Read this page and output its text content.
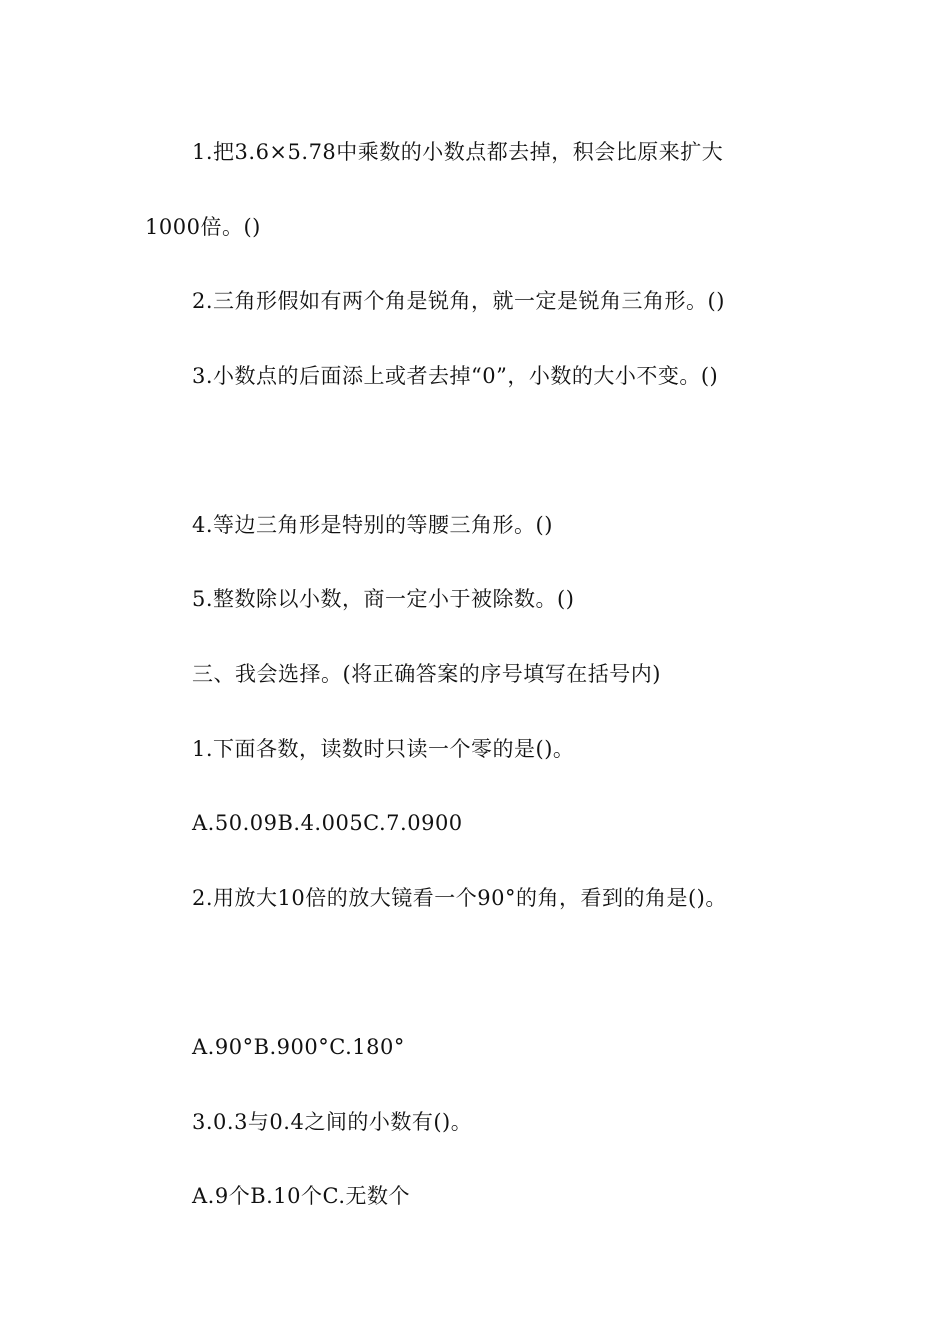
1.把3.6×5.78中乘数的小数点都去掉，积会比原来扩大
1000倍。()
2.三角形假如有两个角是锐角，就一定是锐角三角形。()
3.小数点的后面添上或者去掉“0”，小数的大小不变。()
4.等边三角形是特别的等腰三角形。()
5.整数除以小数，商一定小于被除数。()
三、我会选择。(将正确答案的序号填写在括号内)
1.下面各数，读数时只读一个零的是()。
A.50.09B.4.005C.7.0900
2.用放大10倍的放大镜看一个90°的角，看到的角是()。
A.90°B.900°C.180°
3.0.3与0.4之间的小数有()。
A.9个B.10个C.无数个
